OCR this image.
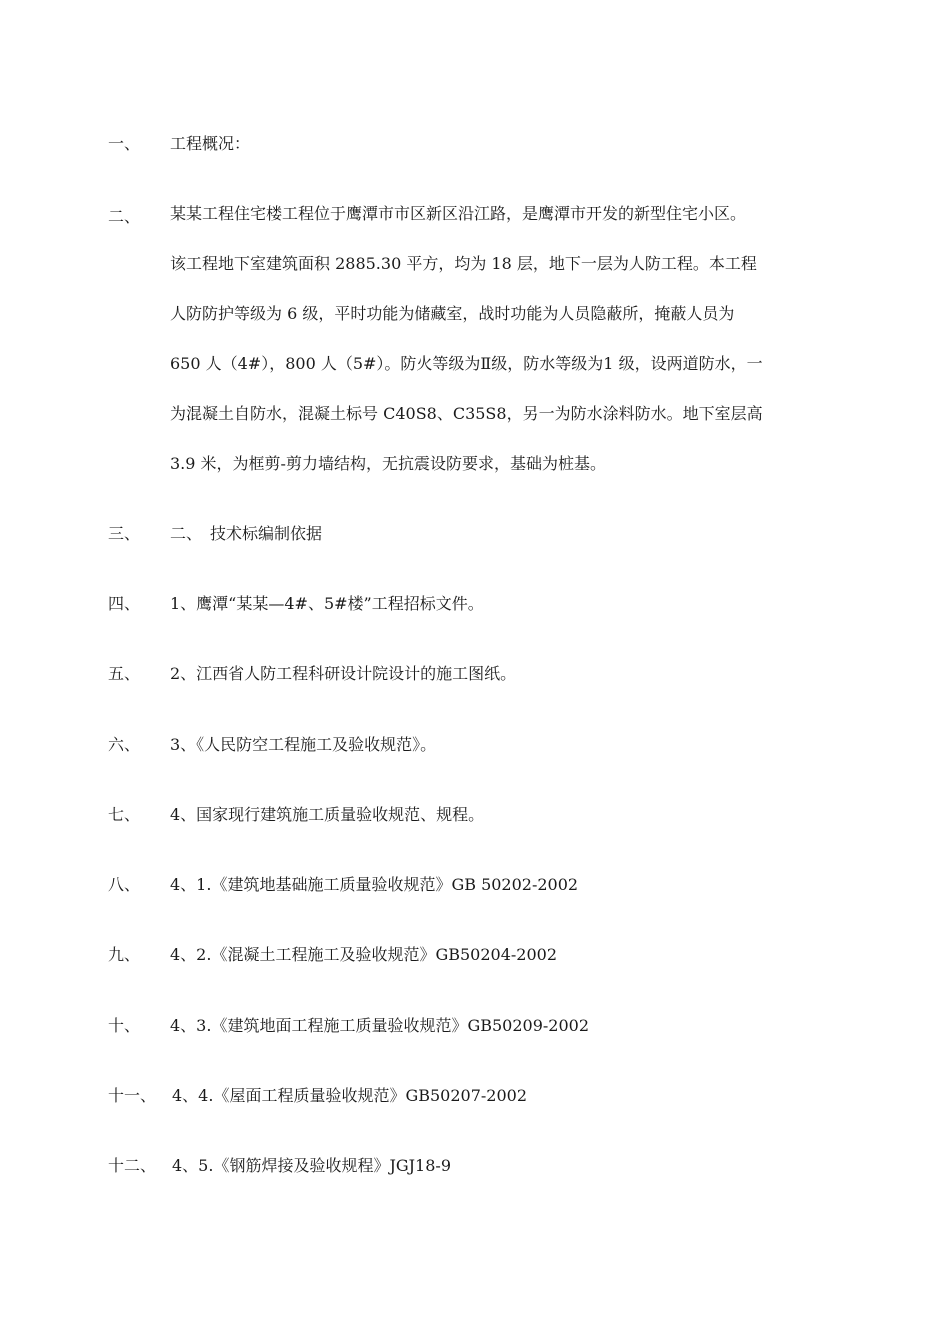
一、	工程概况：
二、	某某工程住宅楼工程位于鹰潭市市区新区沿江路，是鹰潭市开发的新型住宅小区。
该工程地下室建筑面积 2885.30 平方，均为 18 层，地下一层为人防工程。本工程
人防防护等级为 6 级，平时功能为储藏室，战时功能为人员隐蔽所，掩蔽人员为
650 人（4#），800 人（5#）。防火等级为Ⅱ级，防水等级为1 级，设两道防水，一
为混凝土自防水，混凝土标号 C40S8、C35S8，另一为防水涂料防水。地下室层高
3.9 米，为框剪-剪力墙结构，无抗震设防要求，基础为桩基。
三、	二、　技术标编制依据
四、	1、鹰潭“某某—4#、5#楼”工程招标文件。
五、	2、江西省人防工程科研设计院设计的施工图纸。
六、	3、《人民防空工程施工及验收规范》。
七、	4、国家现行建筑施工质量验收规范、规程。
八、	4、1.《建筑地基础施工质量验收规范》GB 50202-2002
九、	4、2.《混凝土工程施工及验收规范》GB50204-2002
十、	4、3.《建筑地面工程施工质量验收规范》GB50209-2002
十一、 4、4.《屋面工程质量验收规范》GB50207-2002
十二、 4、5.《钢筋焊接及验收规程》JGJ18-9
